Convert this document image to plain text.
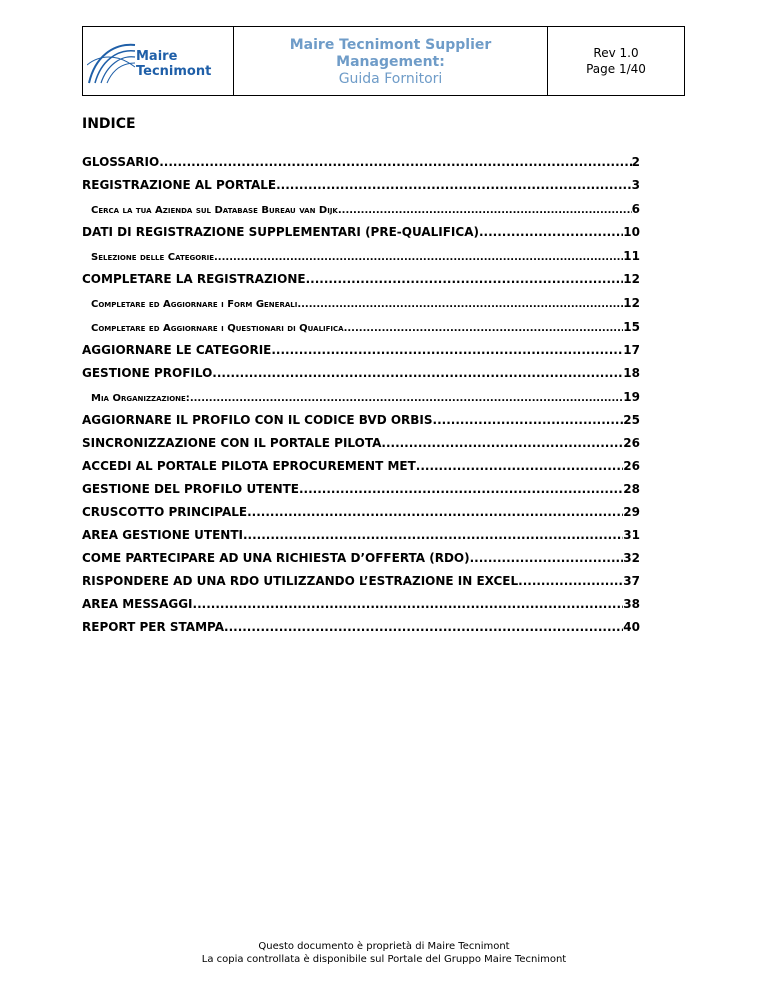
Maire
Tecnimont
Maire Tecnimont Supplier
Management:
Guida Fornitori
Rev 1.0
Page 1/40
INDICE
GLOSSARIO .....	2
REGISTRAZIONE AL PORTALE .....	3
Cerca la tua Azienda sul Database Bureau van Dijk .....	6
DATI DI REGISTRAZIONE SUPPLEMENTARI (PRE-QUALIFICA) .....	10
Selezione delle Categorie .....	11
COMPLETARE LA REGISTRAZIONE .....	12
Completare ed Aggiornare i Form Generali .....	12
Completare ed Aggiornare i Questionari di Qualifica .....	15
AGGIORNARE LE CATEGORIE .....	17
GESTIONE PROFILO .....	18
Mia Organizzazione: .....	19
AGGIORNARE IL PROFILO CON IL CODICE BVD ORBIS .....	25
SINCRONIZZAZIONE CON IL PORTALE PILOTA .....	26
ACCEDI AL PORTALE PILOTA EPROCUREMENT MET .....	26
GESTIONE DEL PROFILO UTENTE .....	28
CRUSCOTTO PRINCIPALE .....	29
AREA GESTIONE UTENTI .....	31
COME PARTECIPARE AD UNA RICHIESTA D’OFFERTA (RDO) .....	32
RISPONDERE AD UNA RDO UTILIZZANDO L’ESTRAZIONE IN EXCEL .....	37
AREA MESSAGGI .....	38
REPORT PER STAMPA .....	40
Questo documento è proprietà di Maire Tecnimont
La copia controllata è disponibile sul Portale del Gruppo Maire Tecnimont
